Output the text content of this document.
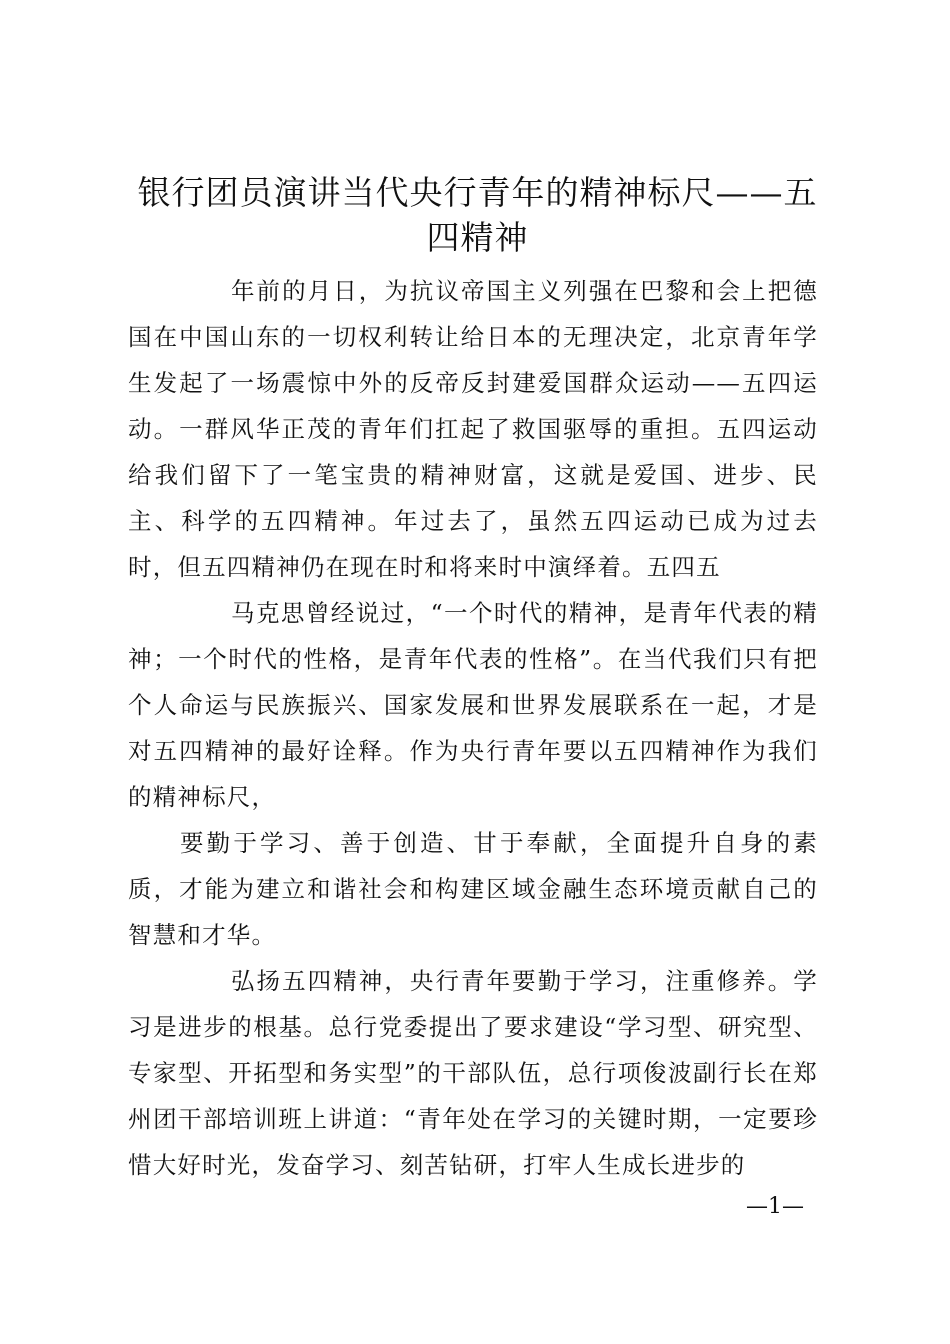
银行团员演讲当代央行青年的精神标尺——五四精神

年前的月日，为抗议帝国主义列强在巴黎和会上把德国在中国山东的一切权利转让给日本的无理决定，北京青年学生发起了一场震惊中外的反帝反封建爱国群众运动——五四运动。一群风华正茂的青年们扛起了救国驱辱的重担。五四运动给我们留下了一笔宝贵的精神财富，这就是爱国、进步、民主、科学的五四精神。年过去了，虽然五四运动已成为过去时，但五四精神仍在现在时和将来时中演绎着。五四五

马克思曾经说过，“一个时代的精神，是青年代表的精神；一个时代的性格，是青年代表的性格”。在当代我们只有把个人命运与民族振兴、国家发展和世界发展联系在一起，才是对五四精神的最好诠释。作为央行青年要以五四精神作为我们的精神标尺，

要勤于学习、善于创造、甘于奉献，全面提升自身的素质，才能为建立和谐社会和构建区域金融生态环境贡献自己的智慧和才华。

弘扬五四精神，央行青年要勤于学习，注重修养。学习是进步的根基。总行党委提出了要求建设“学习型、研究型、专家型、开拓型和务实型”的干部队伍，总行项俊波副行长在郑州团干部培训班上讲道：“青年处在学习的关键时期，一定要珍惜大好时光，发奋学习、刻苦钻研，打牢人生成长进步的

—1—
